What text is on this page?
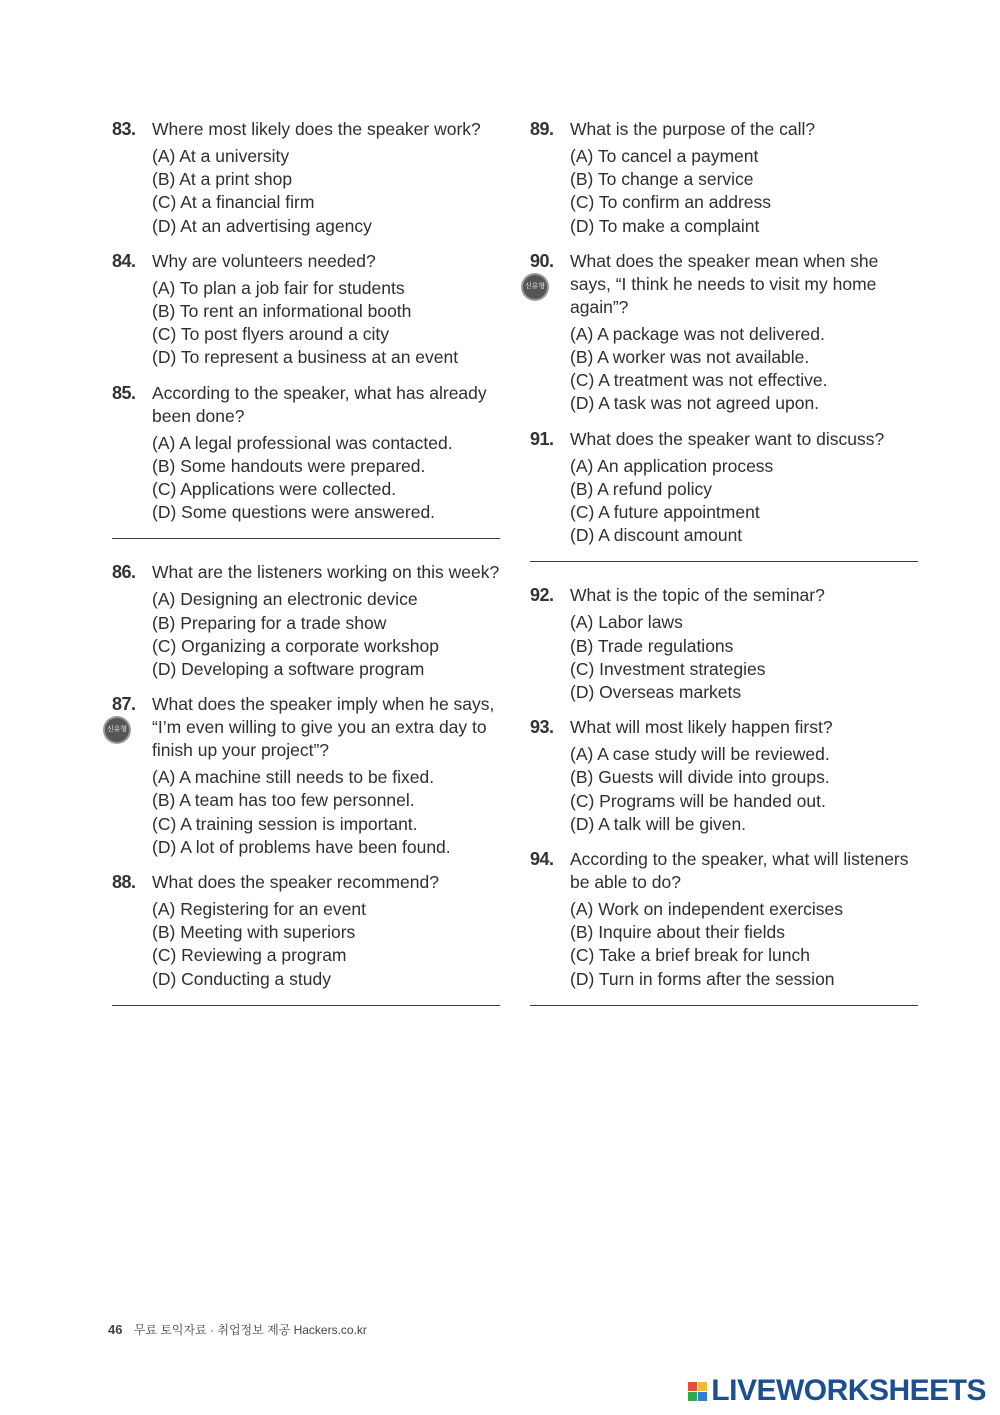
83. Where most likely does the speaker work?
(A) At a university
(B) At a print shop
(C) At a financial firm
(D) At an advertising agency
84. Why are volunteers needed?
(A) To plan a job fair for students
(B) To rent an informational booth
(C) To post flyers around a city
(D) To represent a business at an event
85. According to the speaker, what has already been done?
(A) A legal professional was contacted.
(B) Some handouts were prepared.
(C) Applications were collected.
(D) Some questions were answered.
86. What are the listeners working on this week?
(A) Designing an electronic device
(B) Preparing for a trade show
(C) Organizing a corporate workshop
(D) Developing a software program
87.
신유형
What does the speaker imply when he says, “I’m even willing to give you an extra day to finish up your project”?
(A) A machine still needs to be fixed.
(B) A team has too few personnel.
(C) A training session is important.
(D) A lot of problems have been found.
88. What does the speaker recommend?
(A) Registering for an event
(B) Meeting with superiors
(C) Reviewing a program
(D) Conducting a study
89. What is the purpose of the call?
(A) To cancel a payment
(B) To change a service
(C) To confirm an address
(D) To make a complaint
90.
신유형
What does the speaker mean when she says, “I think he needs to visit my home again”?
(A) A package was not delivered.
(B) A worker was not available.
(C) A treatment was not effective.
(D) A task was not agreed upon.
91. What does the speaker want to discuss?
(A) An application process
(B) A refund policy
(C) A future appointment
(D) A discount amount
92. What is the topic of the seminar?
(A) Labor laws
(B) Trade regulations
(C) Investment strategies
(D) Overseas markets
93. What will most likely happen first?
(A) A case study will be reviewed.
(B) Guests will divide into groups.
(C) Programs will be handed out.
(D) A talk will be given.
94. According to the speaker, what will listeners be able to do?
(A) Work on independent exercises
(B) Inquire about their fields
(C) Take a brief break for lunch
(D) Turn in forms after the session
46 무료 토익자료 · 취업정보 제공 Hackers.co.kr
LIVEWORKSHEETS
